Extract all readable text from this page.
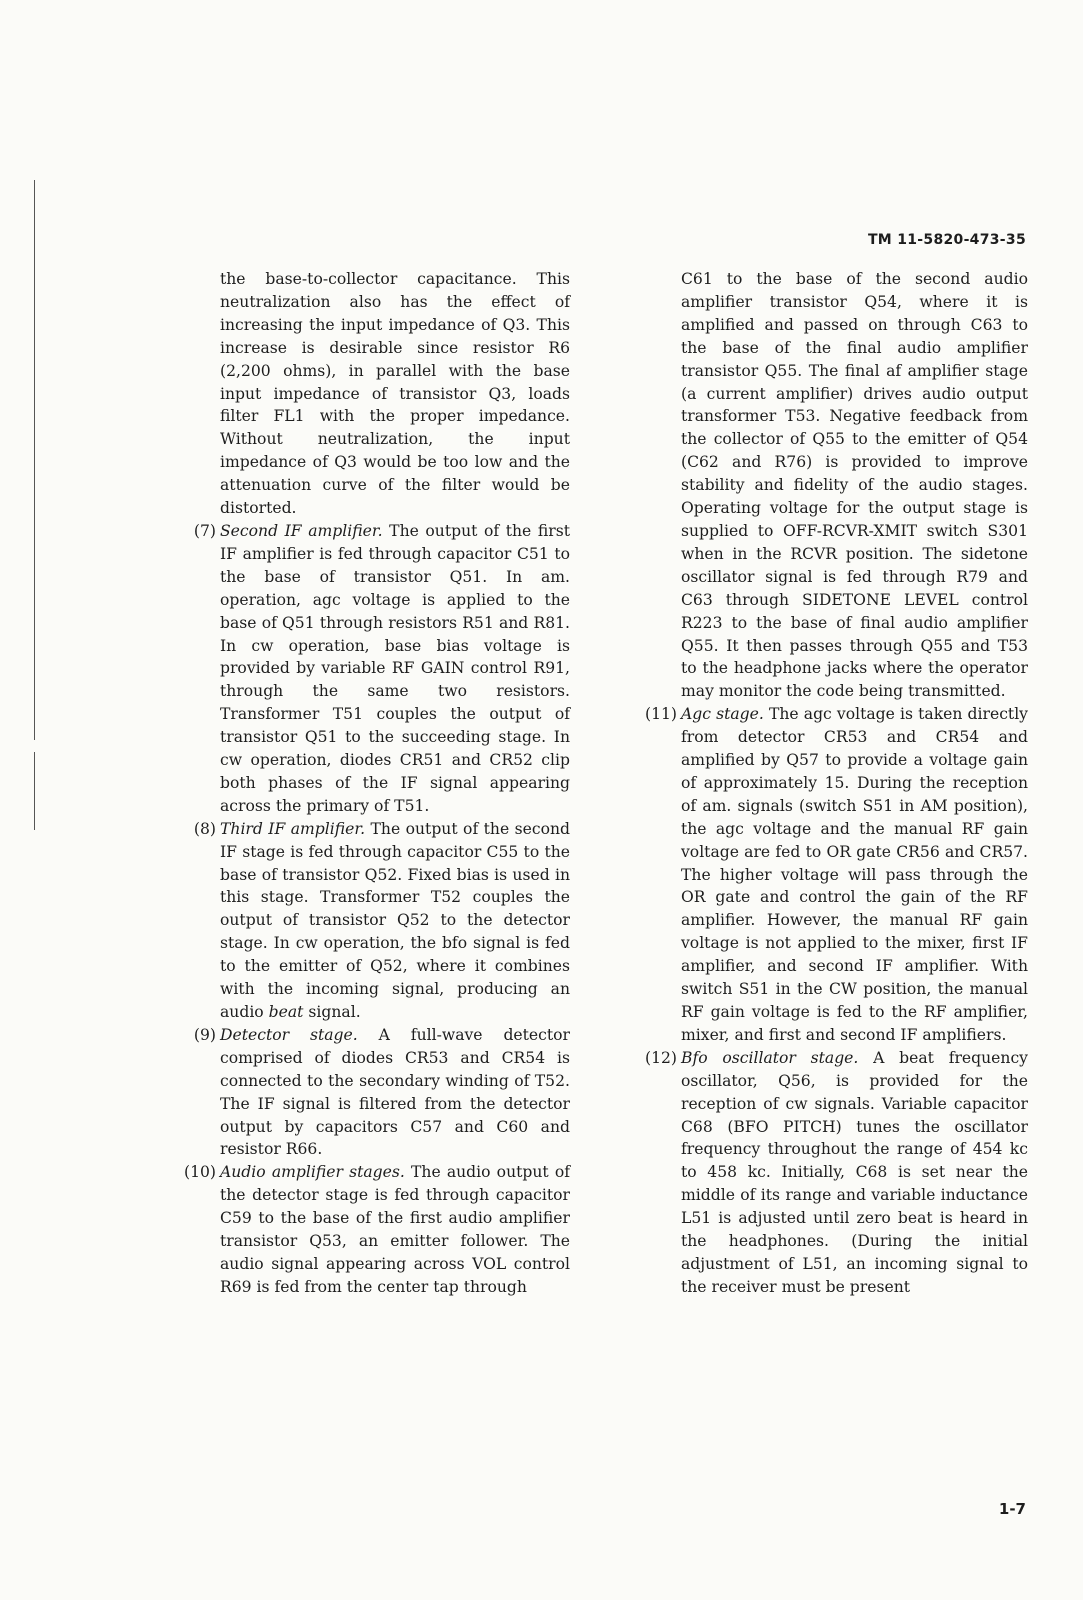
TM 11-5820-473-35

the base-to-collector capacitance. This neutralization also has the effect of increasing the input impedance of Q3. This increase is desirable since resistor R6 (2,200 ohms), in parallel with the base input impedance of transistor Q3, loads filter FL1 with the proper impedance. Without neutralization, the input impedance of Q3 would be too low and the attenuation curve of the filter would be distorted.

(7) Second IF amplifier. The output of the first IF amplifier is fed through capacitor C51 to the base of transistor Q51. In am. operation, agc voltage is applied to the base of Q51 through resistors R51 and R81. In cw operation, base bias voltage is provided by variable RF GAIN control R91, through the same two resistors. Transformer T51 couples the output of transistor Q51 to the succeeding stage. In cw operation, diodes CR51 and CR52 clip both phases of the IF signal appearing across the primary of T51.

(8) Third IF amplifier. The output of the second IF stage is fed through capacitor C55 to the base of transistor Q52. Fixed bias is used in this stage. Transformer T52 couples the output of transistor Q52 to the detector stage. In cw operation, the bfo signal is fed to the emitter of Q52, where it combines with the incoming signal, producing an audio beat signal.

(9) Detector stage. A full-wave detector comprised of diodes CR53 and CR54 is connected to the secondary winding of T52. The IF signal is filtered from the detector output by capacitors C57 and C60 and resistor R66.

(10) Audio amplifier stages. The audio output of the detector stage is fed through capacitor C59 to the base of the first audio amplifier transistor Q53, an emitter follower. The audio signal appearing across VOL control R69 is fed from the center tap through

C61 to the base of the second audio amplifier transistor Q54, where it is amplified and passed on through C63 to the base of the final audio amplifier transistor Q55. The final af amplifier stage (a current amplifier) drives audio output transformer T53. Negative feedback from the collector of Q55 to the emitter of Q54 (C62 and R76) is provided to improve stability and fidelity of the audio stages. Operating voltage for the output stage is supplied to OFF-RCVR-XMIT switch S301 when in the RCVR position. The sidetone oscillator signal is fed through R79 and C63 through SIDETONE LEVEL control R223 to the base of final audio amplifier Q55. It then passes through Q55 and T53 to the headphone jacks where the operator may monitor the code being transmitted.

(11) Agc stage. The agc voltage is taken directly from detector CR53 and CR54 and amplified by Q57 to provide a voltage gain of approximately 15. During the reception of am. signals (switch S51 in AM position), the agc voltage and the manual RF gain voltage are fed to OR gate CR56 and CR57. The higher voltage will pass through the OR gate and control the gain of the RF amplifier. However, the manual RF gain voltage is not applied to the mixer, first IF amplifier, and second IF amplifier. With switch S51 in the CW position, the manual RF gain voltage is fed to the RF amplifier, mixer, and first and second IF amplifiers.

(12) Bfo oscillator stage. A beat frequency oscillator, Q56, is provided for the reception of cw signals. Variable capacitor C68 (BFO PITCH) tunes the oscillator frequency throughout the range of 454 kc to 458 kc. Initially, C68 is set near the middle of its range and variable inductance L51 is adjusted until zero beat is heard in the headphones. (During the initial adjustment of L51, an incoming signal to the receiver must be present

1-7
